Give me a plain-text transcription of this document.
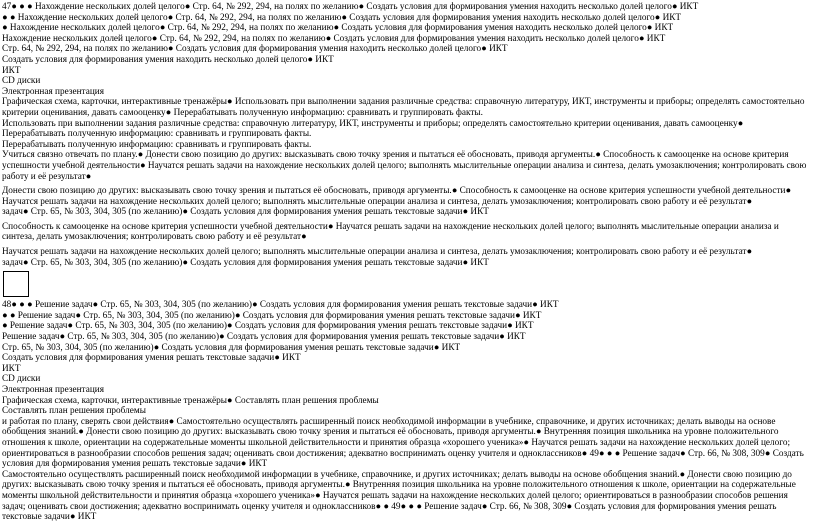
47● ● ● Нахождение нескольких долей целого● Стр. 64, № 292, 294, на полях по желанию● Создать условия для формирования умения находить несколько долей целого● ИКТ
● ● Нахождение нескольких долей целого● Стр. 64, № 292, 294, на полях по желанию● Создать условия для формирования умения находить несколько долей целого● ИКТ
● Нахождение нескольких долей целого● Стр. 64, № 292, 294, на полях по желанию● Создать условия для формирования умения находить несколько долей целого● ИКТ
Нахождение нескольких долей целого● Стр. 64, № 292, 294, на полях по желанию● Создать условия для формирования умения находить несколько долей целого● ИКТ
Стр. 64, № 292, 294, на полях по желанию● Создать условия для формирования умения находить несколько долей целого● ИКТ
Создать условия для формирования умения находить несколько долей целого● ИКТ
ИКТ
CD диски
Электронная презентация
Графическая схема, карточки, интерактивные тренажёры● Использовать при выполнении задания различные средства: справочную литературу, ИКТ, инструменты и приборы; определять самостоятельно критерии оценивания, давать самооценку● Перерабатывать полученную информацию: сравнивать и группировать факты.
Использовать при выполнении задания различные средства: справочную литературу, ИКТ, инструменты и приборы; определять самостоятельно критерии оценивания, давать самооценку● Перерабатывать полученную информацию: сравнивать и группировать факты.
Перерабатывать полученную информацию: сравнивать и группировать факты.
Учиться связно отвечать по плану.● Донести свою позицию до других: высказывать свою точку зрения и пытаться её обосновать, приводя аргументы.● Способность к самооценке на основе критерия успешности учебной деятельности● Научатся решать задачи на нахождение нескольких долей целого; выполнять мыслительные операции анализа и синтеза, делать умозаключения; контролировать свою работу и её результат●
Донести свою позицию до других: высказывать свою точку зрения и пытаться её обосновать, приводя аргументы.● Способность к самооценке на основе критерия успешности учебной деятельности● Научатся решать задачи на нахождение нескольких долей целого; выполнять мыслительные операции анализа и синтеза, делать умозаключения; контролировать свою работу и её результат●
задач● Стр. 65, № 303, 304, 305 (по желанию)● Создать условия для формирования умения решать текстовые задачи● ИКТ
Способность к самооценке на основе критерия успешности учебной деятельности● Научатся решать задачи на нахождение нескольких долей целого; выполнять мыслительные операции анализа и синтеза, делать умозаключения; контролировать свою работу и её результат●
Научатся решать задачи на нахождение нескольких долей целого; выполнять мыслительные операции анализа и синтеза, делать умозаключения; контролировать свою работу и её результат●
задач● Стр. 65, № 303, 304, 305 (по желанию)● Создать условия для формирования умения решать текстовые задачи● ИКТ
48● ● ● Решение задач● Стр. 65, № 303, 304, 305 (по желанию)● Создать условия для формирования умения решать текстовые задачи● ИКТ
● ● Решение задач● Стр. 65, № 303, 304, 305 (по желанию)● Создать условия для формирования умения решать текстовые задачи● ИКТ
● Решение задач● Стр. 65, № 303, 304, 305 (по желанию)● Создать условия для формирования умения решать текстовые задачи● ИКТ
Решение задач● Стр. 65, № 303, 304, 305 (по желанию)● Создать условия для формирования умения решать текстовые задачи● ИКТ
Стр. 65, № 303, 304, 305 (по желанию)● Создать условия для формирования умения решать текстовые задачи● ИКТ
Создать условия для формирования умения решать текстовые задачи● ИКТ
ИКТ
CD диски
Электронная презентация
Графическая схема, карточки, интерактивные тренажёры● Составлять план решения проблемы
Составлять план решения проблемы
и работая по плану, сверять свои действия● Самостоятельно осуществлять расширенный поиск необходимой информации в учебнике, справочнике, и других источниках; делать выводы на основе обобщения знаний.● Донести свою позицию до других: высказывать свою точку зрения и пытаться её обосновать, приводя аргументы.● Внутренняя позиция школьника на уровне положительного отношения к школе, ориентации на содержательные моменты школьной действительности и принятия образца «хорошего ученика»● Научатся решать задачи на нахождение нескольких долей целого; ориентироваться в разнообразии способов решения задач; оценивать свои достижения; адекватно воспринимать оценку учителя и одноклассников● 49● ● ● Решение задач● Стр. 66, № 308, 309● Создать условия для формирования умения решать текстовые задачи● ИКТ
Самостоятельно осуществлять расширенный поиск необходимой информации в учебнике, справочнике, и других источниках; делать выводы на основе обобщения знаний.● Донести свою позицию до других: высказывать свою точку зрения и пытаться её обосновать, приводя аргументы.● Внутренняя позиция школьника на уровне положительного отношения к школе, ориентации на содержательные моменты школьной действительности и принятия образца «хорошего ученика»● Научатся решать задачи на нахождение нескольких долей целого; ориентироваться в разнообразии способов решения задач; оценивать свои достижения; адекватно воспринимать оценку учителя и одноклассников● ● 49● ● ● Решение задач● Стр. 66, № 308, 309● Создать условия для формирования умения решать текстовые задачи● ИКТ
